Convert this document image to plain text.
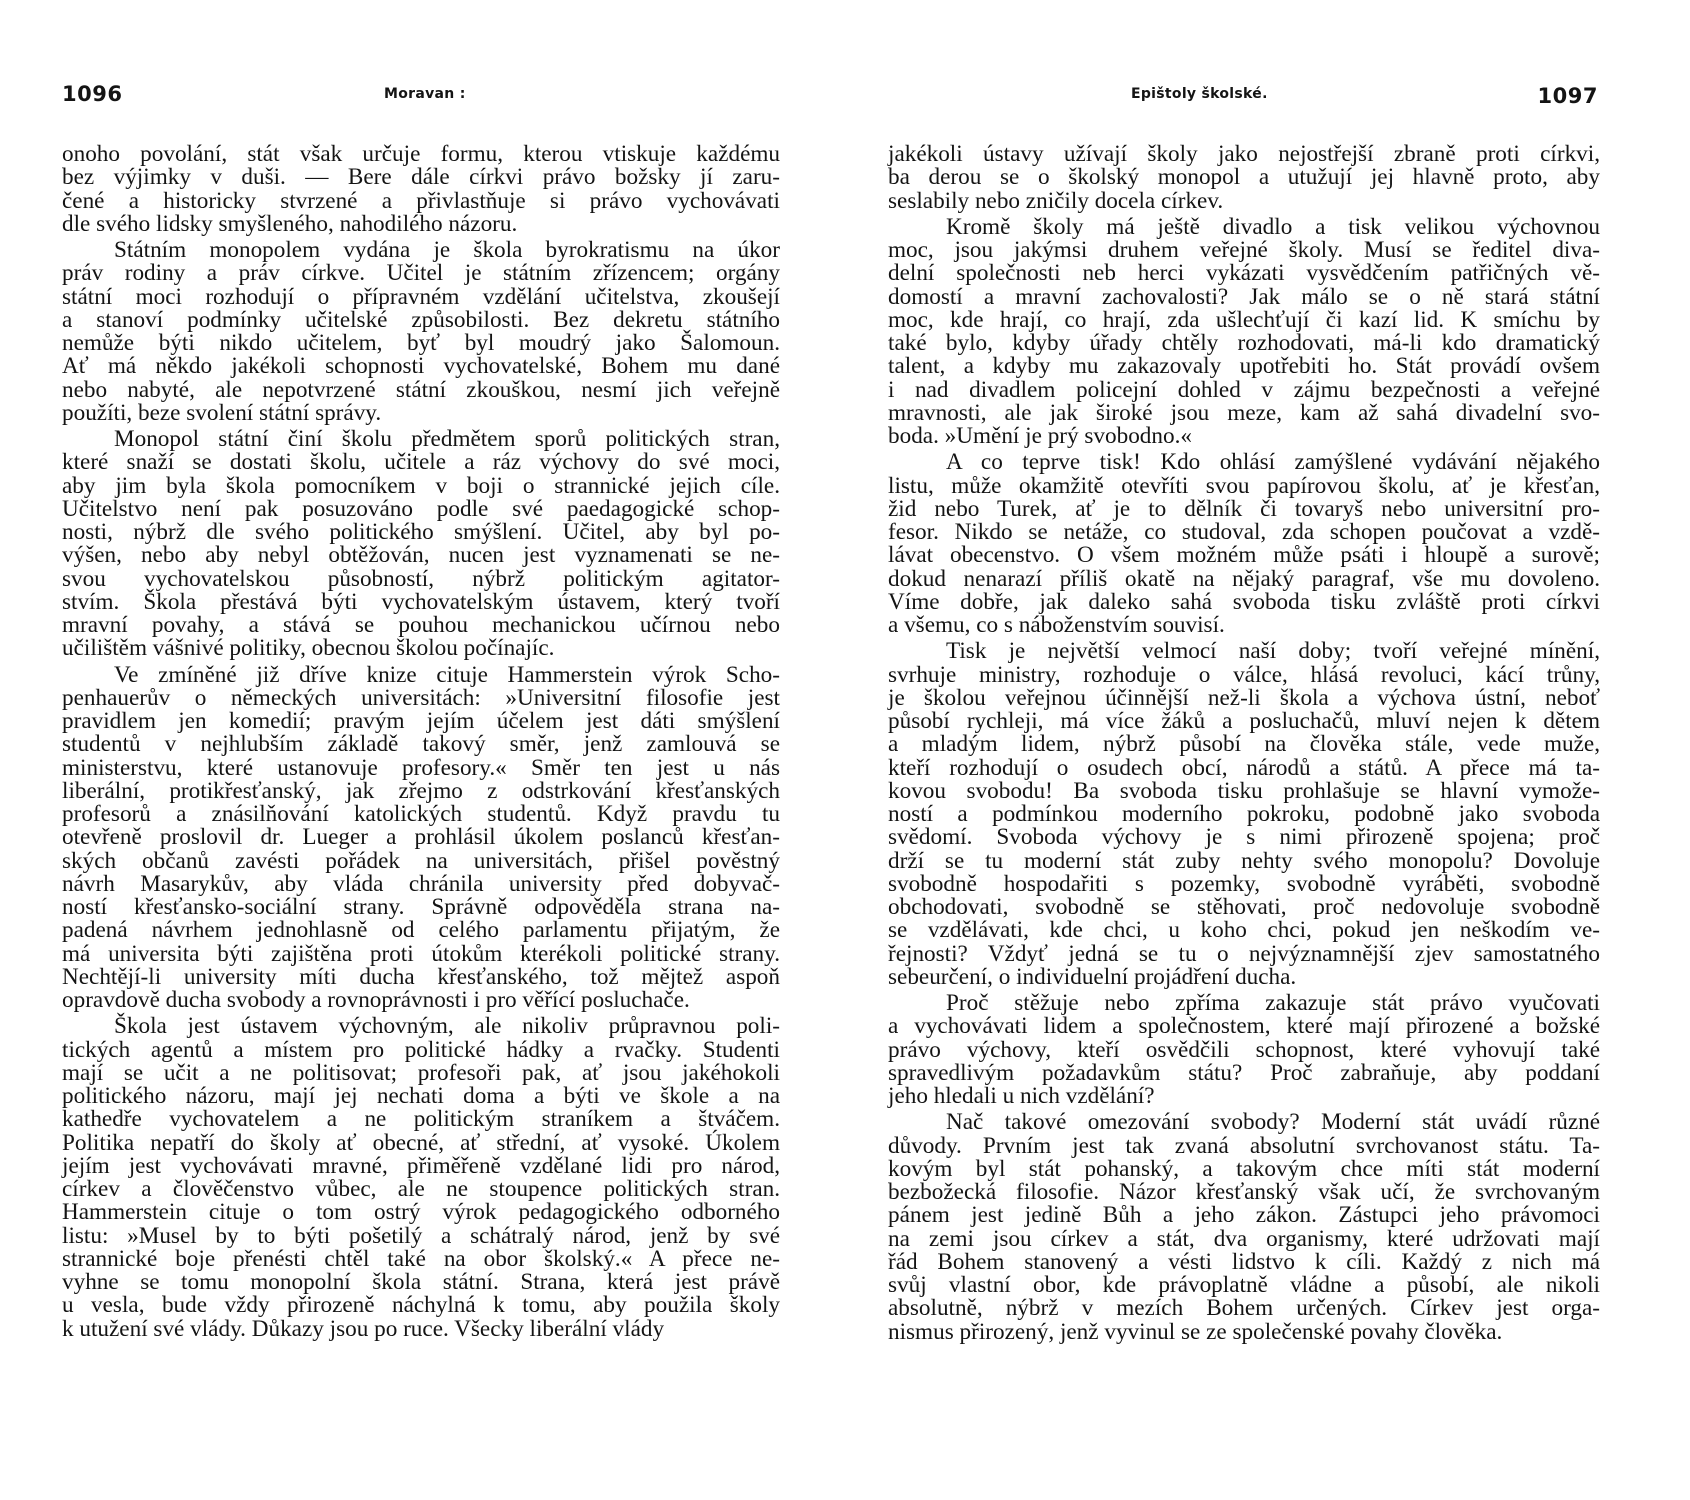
1096	Moravan :
onoho povolání, stát však určuje formu, kterou vtiskuje každému
bez výjimky v duši. — Bere dále církvi právo božsky jí zaru-
čené a historicky stvrzené a přivlastňuje si právo vychovávati
dle svého lidsky smyšleného, nahodilého názoru.
Státním monopolem vydána je škola byrokratismu na úkor
práv rodiny a práv církve. Učitel je státním zřízencem; orgány
státní moci rozhodují o přípravném vzdělání učitelstva, zkoušejí
a stanoví podmínky učitelské způsobilosti. Bez dekretu státního
nemůže býti nikdo učitelem, byť byl moudrý jako Šalomoun.
Ať má někdo jakékoli schopnosti vychovatelské, Bohem mu dané
nebo nabyté, ale nepotvrzené státní zkouškou, nesmí jich veřejně
použíti, beze svolení státní správy.
Monopol státní činí školu předmětem sporů politických stran,
které snaží se dostati školu, učitele a ráz výchovy do své moci,
aby jim byla škola pomocníkem v boji o strannické jejich cíle.
Učitelstvo není pak posuzováno podle své paedagogické schop-
nosti, nýbrž dle svého politického smýšlení. Učitel, aby byl po-
výšen, nebo aby nebyl obtěžován, nucen jest vyznamenati se ne-
svou vychovatelskou působností, nýbrž politickým agitator-
stvím. Škola přestává býti vychovatelským ústavem, který tvoří
mravní povahy, a stává se pouhou mechanickou učírnou nebo
učilištěm vášnivé politiky, obecnou školou počínajíc.
Ve zmíněné již dříve knize cituje Hammerstein výrok Scho-
penhauerův o německých universitách: »Universitní filosofie jest
pravidlem jen komedií; pravým jejím účelem jest dáti smýšlení
studentů v nejhlubším základě takový směr, jenž zamlouvá se
ministerstvu, které ustanovuje profesory.« Směr ten jest u nás
liberální, protikřesťanský, jak zřejmo z odstrkování křesťanských
profesorů a znásilňování katolických studentů. Když pravdu tu
otevřeně proslovil dr. Lueger a prohlásil úkolem poslanců křesťan-
ských občanů zavésti pořádek na universitách, přišel pověstný
návrh Masarykův, aby vláda chránila university před dobyvač-
ností křesťansko-sociální strany. Správně odpověděla strana na-
padená návrhem jednohlasně od celého parlamentu přijatým, že
má universita býti zajištěna proti útokům kterékoli politické strany.
Nechtějí-li university míti ducha křesťanského, tož mějtež aspoň
opravdově ducha svobody a rovnoprávnosti i pro věřící posluchače.
Škola jest ústavem výchovným, ale nikoliv průpravnou poli-
tických agentů a místem pro politické hádky a rvačky. Studenti
mají se učit a ne politisovat; profesoři pak, ať jsou jakéhokoli
politického názoru, mají jej nechati doma a býti ve škole a na
kathedře vychovatelem a ne politickým straníkem a štváčem.
Politika nepatří do školy ať obecné, ať střední, ať vysoké. Úkolem
jejím jest vychovávati mravné, přiměřeně vzdělané lidi pro národ,
církev a člověčenstvo vůbec, ale ne stoupence politických stran.
Hammerstein cituje o tom ostrý výrok pedagogického odborného
listu: »Musel by to býti pošetilý a schátralý národ, jenž by své
strannické boje přenésti chtěl také na obor školský.« A přece ne-
vyhne se tomu monopolní škola státní. Strana, která jest právě
u vesla, bude vždy přirozeně náchylná k tomu, aby použila školy
k utužení své vlády. Důkazy jsou po ruce. Všecky liberální vlády
Epištoly školské.	1097
jakékoli ústavy užívají školy jako nejostřejší zbraně proti církvi,
ba derou se o školský monopol a utužují jej hlavně proto, aby
seslabily nebo zničily docela církev.
Kromě školy má ještě divadlo a tisk velikou výchovnou
moc, jsou jakýmsi druhem veřejné školy. Musí se ředitel diva-
delní společnosti neb herci vykázati vysvědčením patřičných vě-
domostí a mravní zachovalosti? Jak málo se o ně stará státní
moc, kde hrají, co hrají, zda ušlechťují či kazí lid. K smíchu by
také bylo, kdyby úřady chtěly rozhodovati, má-li kdo dramatický
talent, a kdyby mu zakazovaly upotřebiti ho. Stát provádí ovšem
i nad divadlem policejní dohled v zájmu bezpečnosti a veřejné
mravnosti, ale jak široké jsou meze, kam až sahá divadelní svo-
boda. »Umění je prý svobodno.«
A co teprve tisk! Kdo ohlásí zamýšlené vydávání nějakého
listu, může okamžitě otevříti svou papírovou školu, ať je křesťan,
žid nebo Turek, ať je to dělník či tovaryš nebo universitní pro-
fesor. Nikdo se netáže, co studoval, zda schopen poučovat a vzdě-
lávat obecenstvo. O všem možném může psáti i hloupě a surově;
dokud nenarazí příliš okatě na nějaký paragraf, vše mu dovoleno.
Víme dobře, jak daleko sahá svoboda tisku zvláště proti církvi
a všemu, co s náboženstvím souvisí.
Tisk je největší velmocí naší doby; tvoří veřejné mínění,
svrhuje ministry, rozhoduje o válce, hlásá revoluci, kácí trůny,
je školou veřejnou účinnější než-li škola a výchova ústní, neboť
působí rychleji, má více žáků a posluchačů, mluví nejen k dětem
a mladým lidem, nýbrž působí na člověka stále, vede muže,
kteří rozhodují o osudech obcí, národů a států. A přece má ta-
kovou svobodu! Ba svoboda tisku prohlašuje se hlavní vymože-
ností a podmínkou moderního pokroku, podobně jako svoboda
svědomí. Svoboda výchovy je s nimi přirozeně spojena; proč
drží se tu moderní stát zuby nehty svého monopolu? Dovoluje
svobodně hospodařiti s pozemky, svobodně vyráběti, svobodně
obchodovati, svobodně se stěhovati, proč nedovoluje svobodně
se vzdělávati, kde chci, u koho chci, pokud jen neškodím ve-
řejnosti? Vždyť jedná se tu o nejvýznamnější zjev samostatného
sebeurčení, o individuelní projádření ducha.
Proč stěžuje nebo zpříma zakazuje stát právo vyučovati
a vychovávati lidem a společnostem, které mají přirozené a božské
právo výchovy, kteří osvědčili schopnost, které vyhovují také
spravedlivým požadavkům státu? Proč zabraňuje, aby poddaní
jeho hledali u nich vzdělání?
Nač takové omezování svobody? Moderní stát uvádí různé
důvody. Prvním jest tak zvaná absolutní svrchovanost státu. Ta-
kovým byl stát pohanský, a takovým chce míti stát moderní
bezbožecká filosofie. Názor křesťanský však učí, že svrchovaným
pánem jest jedině Bůh a jeho zákon. Zástupci jeho právomoci
na zemi jsou církev a stát, dva organismy, které udržovati mají
řád Bohem stanovený a vésti lidstvo k cíli. Každý z nich má
svůj vlastní obor, kde právoplatně vládne a působí, ale nikoli
absolutně, nýbrž v mezích Bohem určených. Církev jest orga-
nismus přirozený, jenž vyvinul se ze společenské povahy člověka.
